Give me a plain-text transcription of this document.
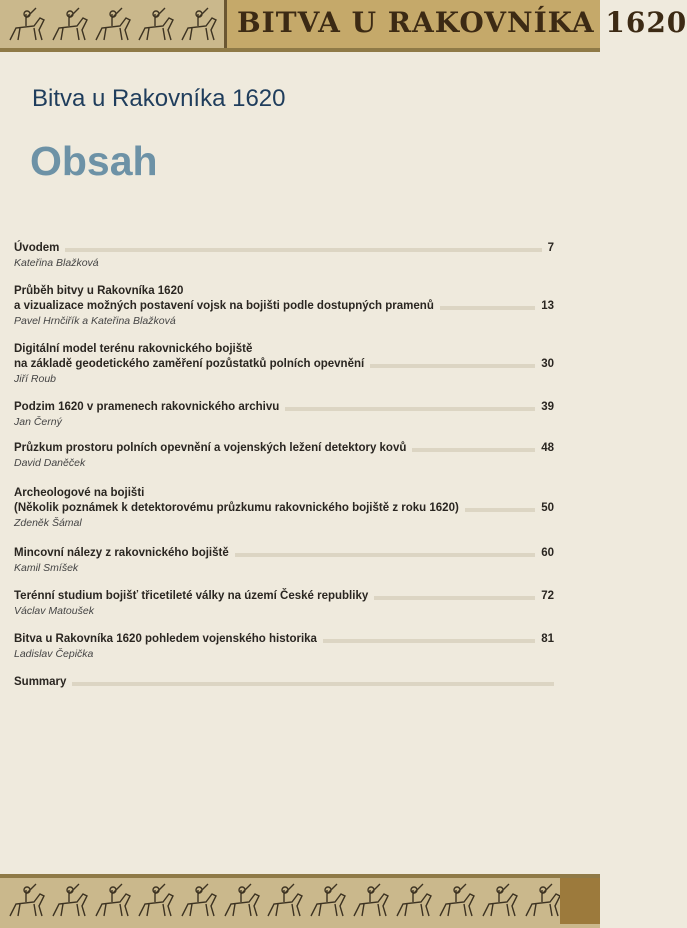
BITVA U RAKOVNÍKA 1620
Bitva u Rakovníka 1620
Obsah
Úvodem	7
Kateřina Blažková
Průběh bitvy u Rakovníka 1620
a vizualizace možných postavení vojsk na bojišti podle dostupných pramenů	13
Pavel Hrnčiřík a Kateřina Blažková
Digitální model terénu rakovnického bojiště
na základě geodetického zaměření pozůstatků polních opevnění	30
Jiří Roub
Podzim 1620 v pramenech rakovnického archivu	39
Jan Černý
Průzkum prostoru polních opevnění a vojenských ležení detektory kovů	48
David Daněček
Archeologové na bojišti
(Několik poznámek k detektorovému průzkumu rakovnického bojiště z roku 1620)	50
Zdeněk Šámal
Mincovní nálezy z rakovnického bojiště	60
Kamil Smíšek
Terénní studium bojišť třicetileté války na území České republiky	72
Václav Matoušek
Bitva u Rakovníka 1620 pohledem vojenského historika	81
Ladislav Čepička
Summary
